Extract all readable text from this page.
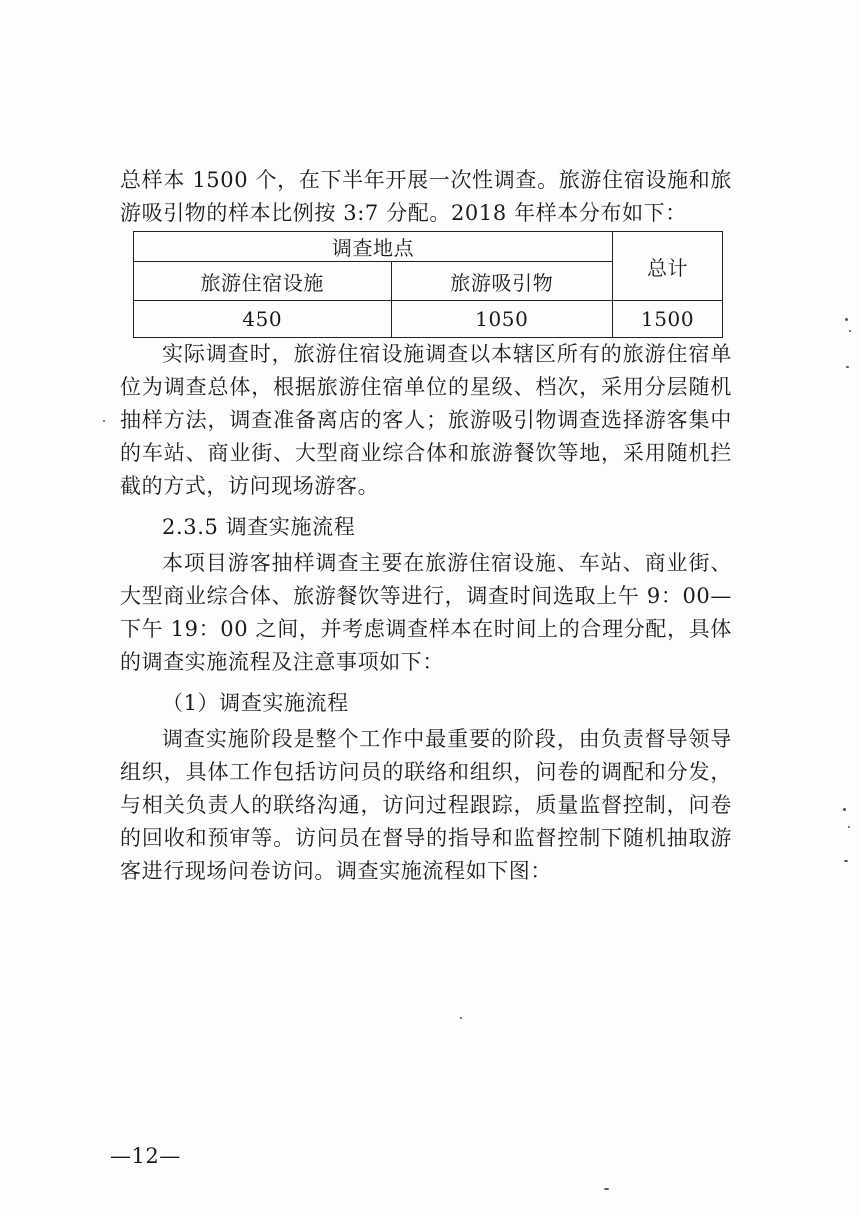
总样本 1500 个，在下半年开展一次性调查。旅游住宿设施和旅游吸引物的样本比例按 3:7 分配。2018 年样本分布如下：

调查地点		总计
旅游住宿设施	旅游吸引物	
450	1050	1500

实际调查时，旅游住宿设施调查以本辖区所有的旅游住宿单位为调查总体，根据旅游住宿单位的星级、档次，采用分层随机抽样方法，调查准备离店的客人；旅游吸引物调查选择游客集中的车站、商业街、大型商业综合体和旅游餐饮等地，采用随机拦截的方式，访问现场游客。

2.3.5 调查实施流程

本项目游客抽样调查主要在旅游住宿设施、车站、商业街、大型商业综合体、旅游餐饮等进行，调查时间选取上午 9：00—下午 19：00 之间，并考虑调查样本在时间上的合理分配，具体的调查实施流程及注意事项如下：

（1）调查实施流程

调查实施阶段是整个工作中最重要的阶段，由负责督导领导组织，具体工作包括访问员的联络和组织，问卷的调配和分发，与相关负责人的联络沟通，访问过程跟踪，质量监督控制，问卷的回收和预审等。访问员在督导的指导和监督控制下随机抽取游客进行现场问卷访问。调查实施流程如下图：

—12—
